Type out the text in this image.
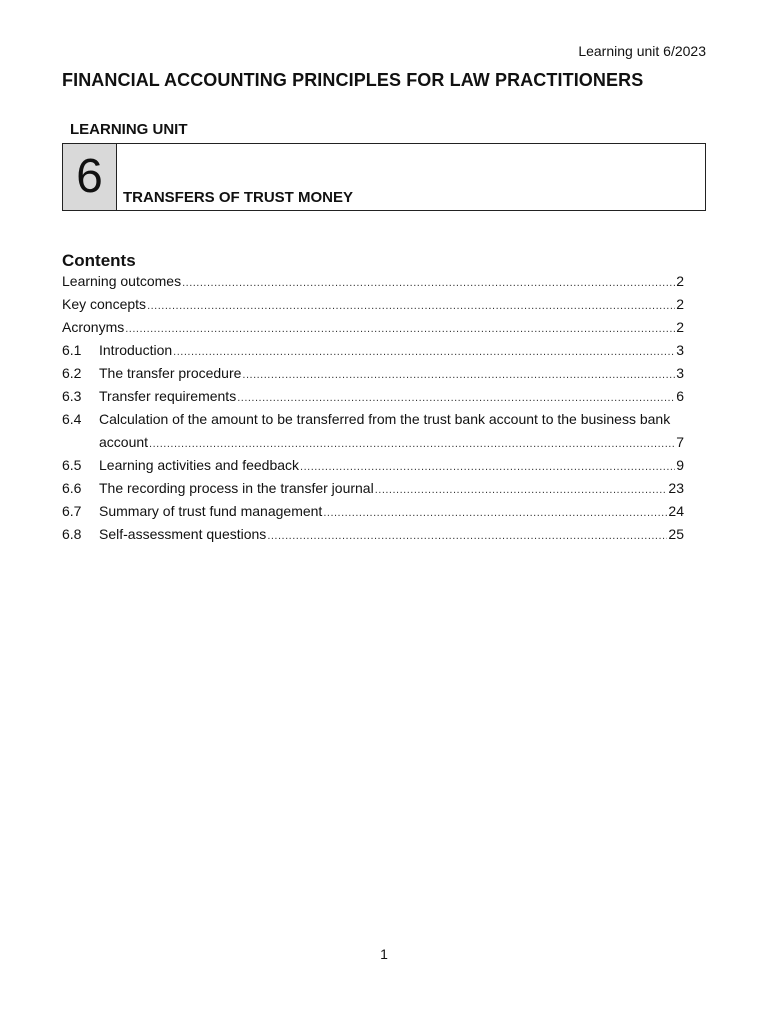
Learning unit 6/2023
FINANCIAL ACCOUNTING PRINCIPLES FOR LAW PRACTITIONERS
LEARNING UNIT
6	TRANSFERS OF TRUST MONEY
Contents
Learning outcomes .....	2
Key concepts .....	2
Acronyms .....	2
6.1	Introduction .....	3
6.2	The transfer procedure .....	3
6.3	Transfer requirements .....	6
6.4	Calculation of the amount to be transferred from the trust bank account to the business bank
account .....	7
6.5	Learning activities and feedback .....	9
6.6	The recording process in the transfer journal .....	23
6.7	Summary of trust fund management .....	24
6.8	Self-assessment questions .....	25
1
